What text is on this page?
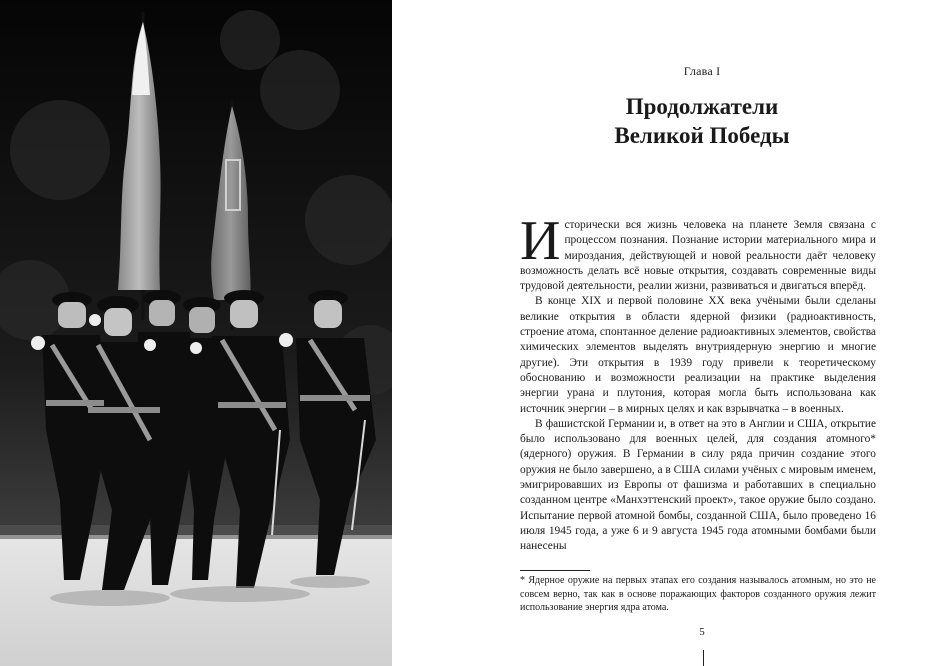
Глава I
Продолжатели
Великой Победы

Исторически вся жизнь человека на планете Земля связана с процессом познания. Познание истории материального мира и мироздания, действующей и новой реальности даёт человеку возможность делать всё новые открытия, создавать современные виды трудовой деятельности, реалии жизни, развиваться и двигаться вперёд.

В конце XIX и первой половине XX века учёными были сделаны великие открытия в области ядерной физики (радиоактивность, строение атома, спонтанное деление радиоактивных элементов, свойства химических элементов выделять внутриядерную энергию и многие другие). Эти открытия в 1939 году привели к теоретическому обоснованию и возможности реализации на практике выделения энергии урана и плутония, которая могла быть использована как источник энергии – в мирных целях и как взрывчатка – в военных.

В фашистской Германии и, в ответ на это в Англии и США, открытие было использовано для военных целей, для создания атомного* (ядерного) оружия. В Германии в силу ряда причин создание этого оружия не было завершено, а в США силами учёных с мировым именем, эмигрировавших из Европы от фашизма и работавших в специально созданном центре «Манхэттенский проект», такое оружие было создано. Испытание первой атомной бомбы, созданной США, было проведено 16 июля 1945 года, а уже 6 и 9 августа 1945 года атомными бомбами были нанесены

* Ядерное оружие на первых этапах его создания называлось атомным, но это не совсем верно, так как в основе поражающих факторов созданного оружия лежит использование энергия ядра атома.
5
